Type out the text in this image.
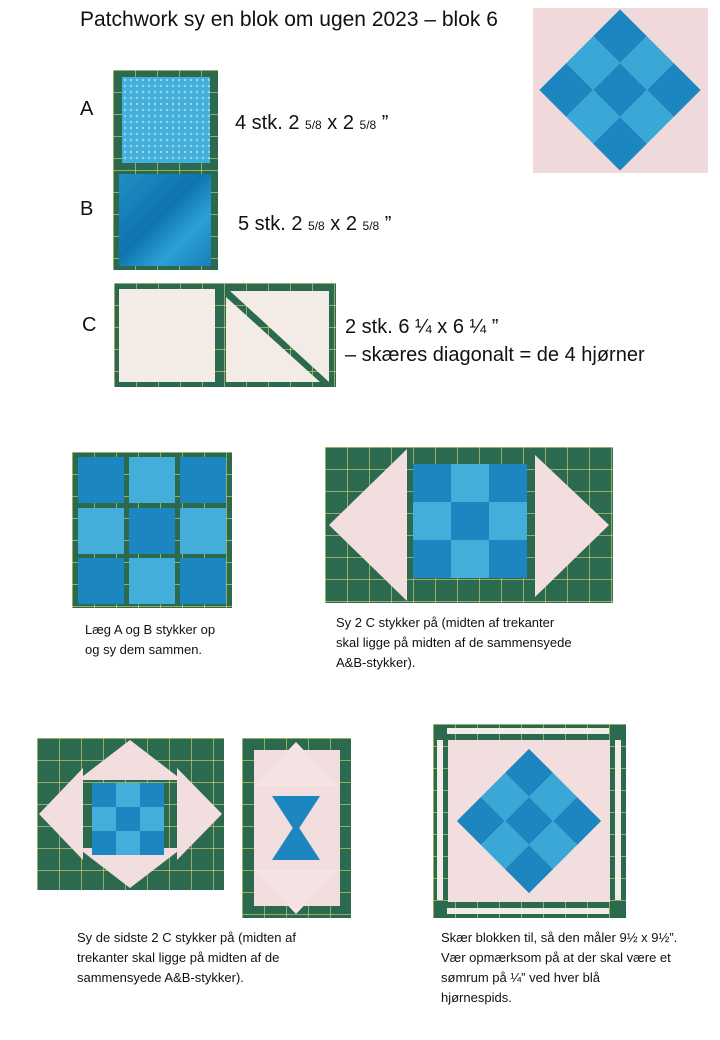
Patchwork sy en blok om ugen 2023 – blok 6
A
4 stk. 2 5/8 x 2 5/8 ”
B
5 stk. 2 5/8 x 2 5/8 ”
C	2 stk. 6 ¼ x 6 ¼ ”
– skæres diagonalt = de 4 hjørner
Læg A og B stykker op
og sy dem sammen.
Sy 2 C stykker på (midten af trekanter
skal ligge på midten af de sammensyede
A&B-stykker).
Sy de sidste 2 C stykker på (midten af
trekanter skal ligge på midten af de
sammensyede A&B-stykker).
Skær blokken til, så den måler 9½ x 9½”.
Vær opmærksom på at der skal være et
sømrum på ¼” ved hver blå
hjørnespids.
